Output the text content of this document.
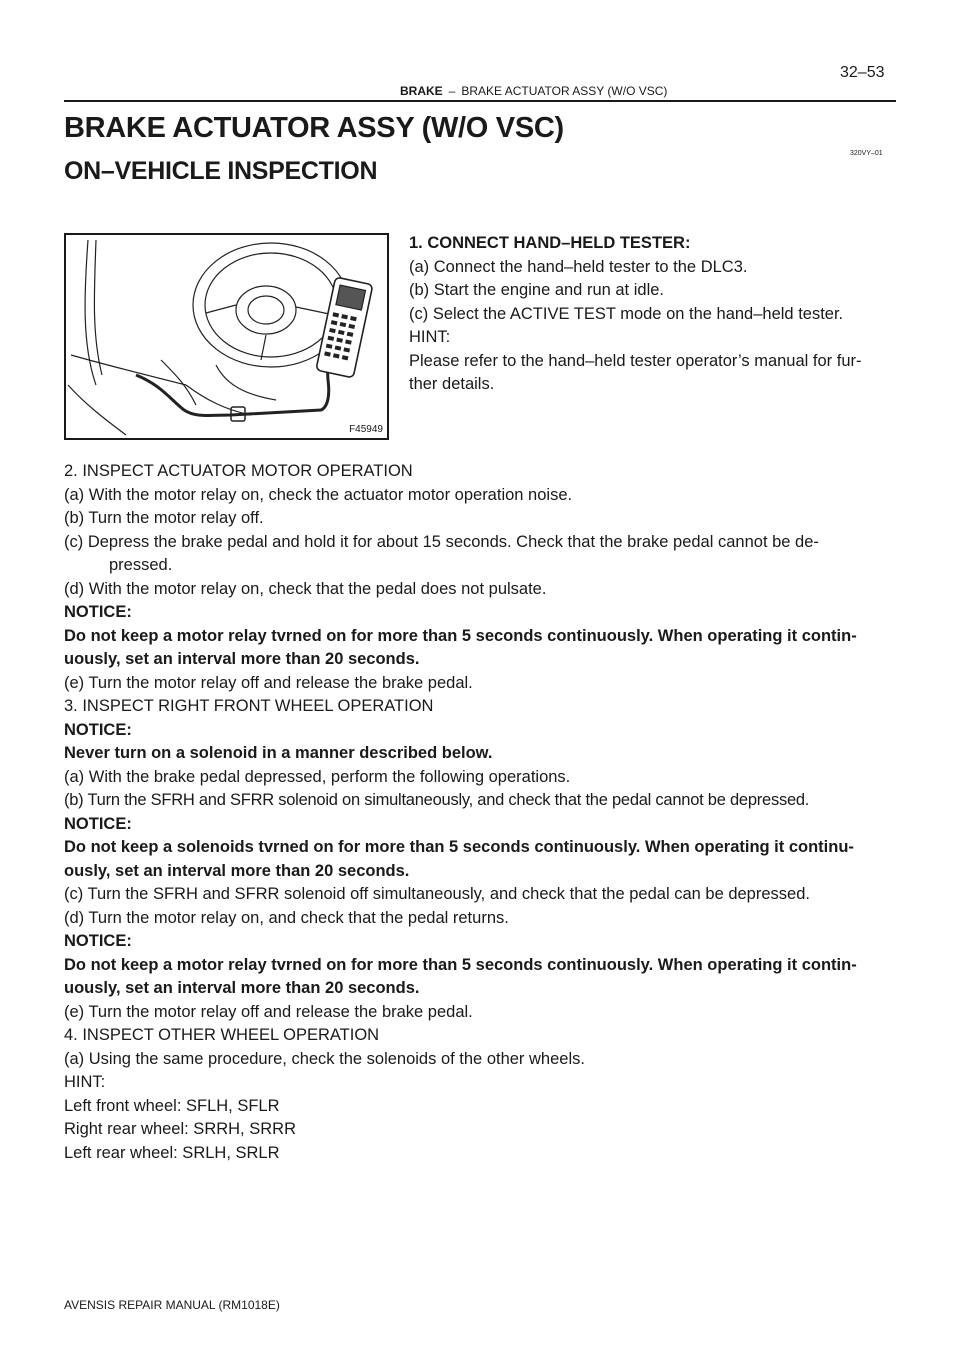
BRAKE – BRAKE ACTUATOR ASSY (W/O VSC)
32–53
BRAKE ACTUATOR ASSY (W/O VSC)
ON–VEHICLE INSPECTION
320VY–01
F45949
1. CONNECT HAND–HELD TESTER:
(a) Connect the hand–held tester to the DLC3.
(b) Start the engine and run at idle.
(c) Select the ACTIVE TEST mode on the hand–held tester.
HINT:
Please refer to the hand–held tester operator’s manual for fur-
ther details.
2. INSPECT ACTUATOR MOTOR OPERATION
(a) With the motor relay on, check the actuator motor operation noise.
(b) Turn the motor relay off.
(c) Depress the brake pedal and hold it for about 15 seconds. Check that the brake pedal cannot be de-
pressed.
(d) With the motor relay on, check that the pedal does not pulsate.
NOTICE:
Do not keep a motor relay tvrned on for more than 5 seconds continuously. When operating it contin-
uously, set an interval more than 20 seconds.
(e) Turn the motor relay off and release the brake pedal.
3. INSPECT RIGHT FRONT WHEEL OPERATION
NOTICE:
Never turn on a solenoid in a manner described below.
(a) With the brake pedal depressed, perform the following operations.
(b) Turn the SFRH and SFRR solenoid on simultaneously, and check that the pedal cannot be depressed.
NOTICE:
Do not keep a solenoids tvrned on for more than 5 seconds continuously. When operating it continu-
ously, set an interval more than 20 seconds.
(c) Turn the SFRH and SFRR solenoid off simultaneously, and check that the pedal can be depressed.
(d) Turn the motor relay on, and check that the pedal returns.
NOTICE:
Do not keep a motor relay tvrned on for more than 5 seconds continuously. When operating it contin-
uously, set an interval more than 20 seconds.
(e) Turn the motor relay off and release the brake pedal.
4. INSPECT OTHER WHEEL OPERATION
(a) Using the same procedure, check the solenoids of the other wheels.
HINT:
Left front wheel: SFLH, SFLR
Right rear wheel: SRRH, SRRR
Left rear wheel: SRLH, SRLR
AVENSIS REPAIR MANUAL (RM1018E)
